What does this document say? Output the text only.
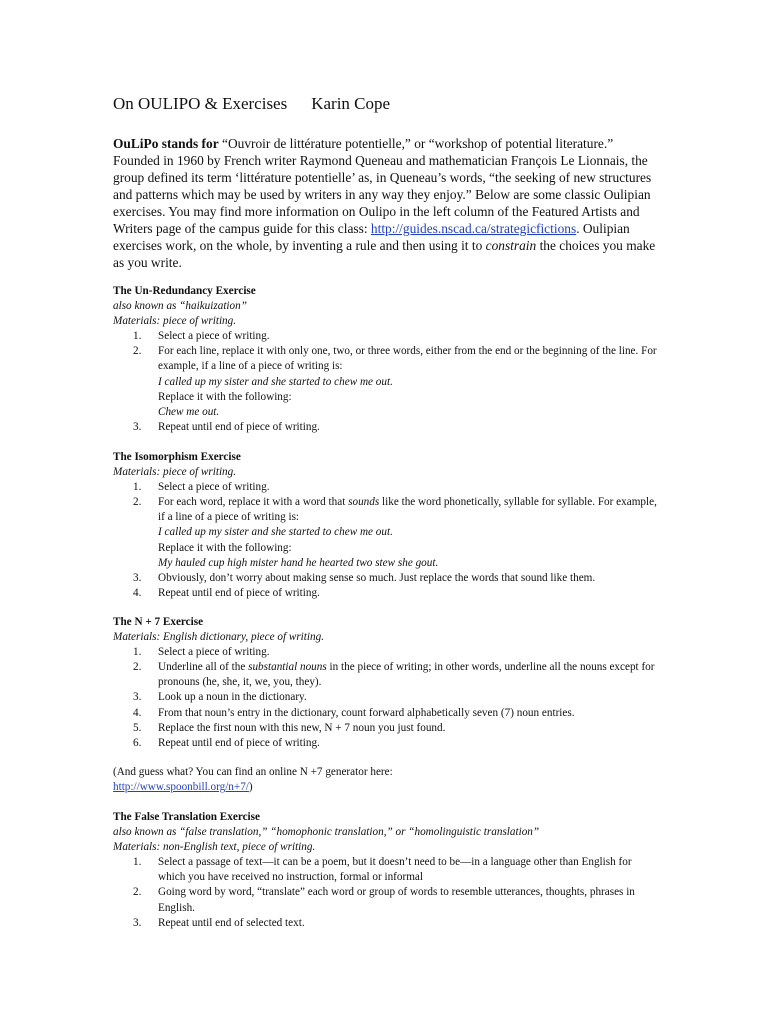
On OULIPO & Exercises Karin Cope

OuLiPo stands for “Ouvroir de littérature potentielle,” or “workshop of potential literature.” Founded in 1960 by French writer Raymond Queneau and mathematician François Le Lionnais, the group defined its term ‘littérature potentielle’ as, in Queneau’s words, “the seeking of new structures and patterns which may be used by writers in any way they enjoy.” Below are some classic Oulipian exercises. You may find more information on Oulipo in the left column of the Featured Artists and Writers page of the campus guide for this class: http://guides.nscad.ca/strategicfictions. Oulipian exercises work, on the whole, by inventing a rule and then using it to constrain the choices you make as you write.

The Un-Redundancy Exercise

also known as “haikuization”

Materials: piece of writing.

1.	Select a piece of writing.
2.	For each line, replace it with only one, two, or three words, either from the end or the beginning of the line. For example, if a line of a piece of writing is:
I called up my sister and she started to chew me out.
Replace it with the following:
Chew me out.
3.	Repeat until end of piece of writing.
The Isomorphism Exercise

Materials: piece of writing.

1.	Select a piece of writing.
2.	For each word, replace it with a word that sounds like the word phonetically, syllable for syllable. For example, if a line of a piece of writing is:
I called up my sister and she started to chew me out.
Replace it with the following:
My hauled cup high mister hand he hearted two stew she gout.
3.	Obviously, don’t worry about making sense so much. Just replace the words that sound like them.
4.	Repeat until end of piece of writing.
The N + 7 Exercise

Materials: English dictionary, piece of writing.

1.	Select a piece of writing.
2.	Underline all of the substantial nouns in the piece of writing; in other words, underline all the nouns except for pronouns (he, she, it, we, you, they).
3.	Look up a noun in the dictionary.
4.	From that noun’s entry in the dictionary, count forward alphabetically seven (7) noun entries.
5.	Replace the first noun with this new, N + 7 noun you just found.
6.	Repeat until end of piece of writing.

(And guess what? You can find an online N +7 generator here:

http://www.spoonbill.org/n+7/)

The False Translation Exercise

also known as “false translation,” “homophonic translation,” or “homolinguistic translation”

Materials: non-English text, piece of writing.

1.	Select a passage of text—it can be a poem, but it doesn’t need to be—in a language other than English for which you have received no instruction, formal or informal
2.	Going word by word, “translate” each word or group of words to resemble utterances, thoughts, phrases in English.
3.	Repeat until end of selected text.
